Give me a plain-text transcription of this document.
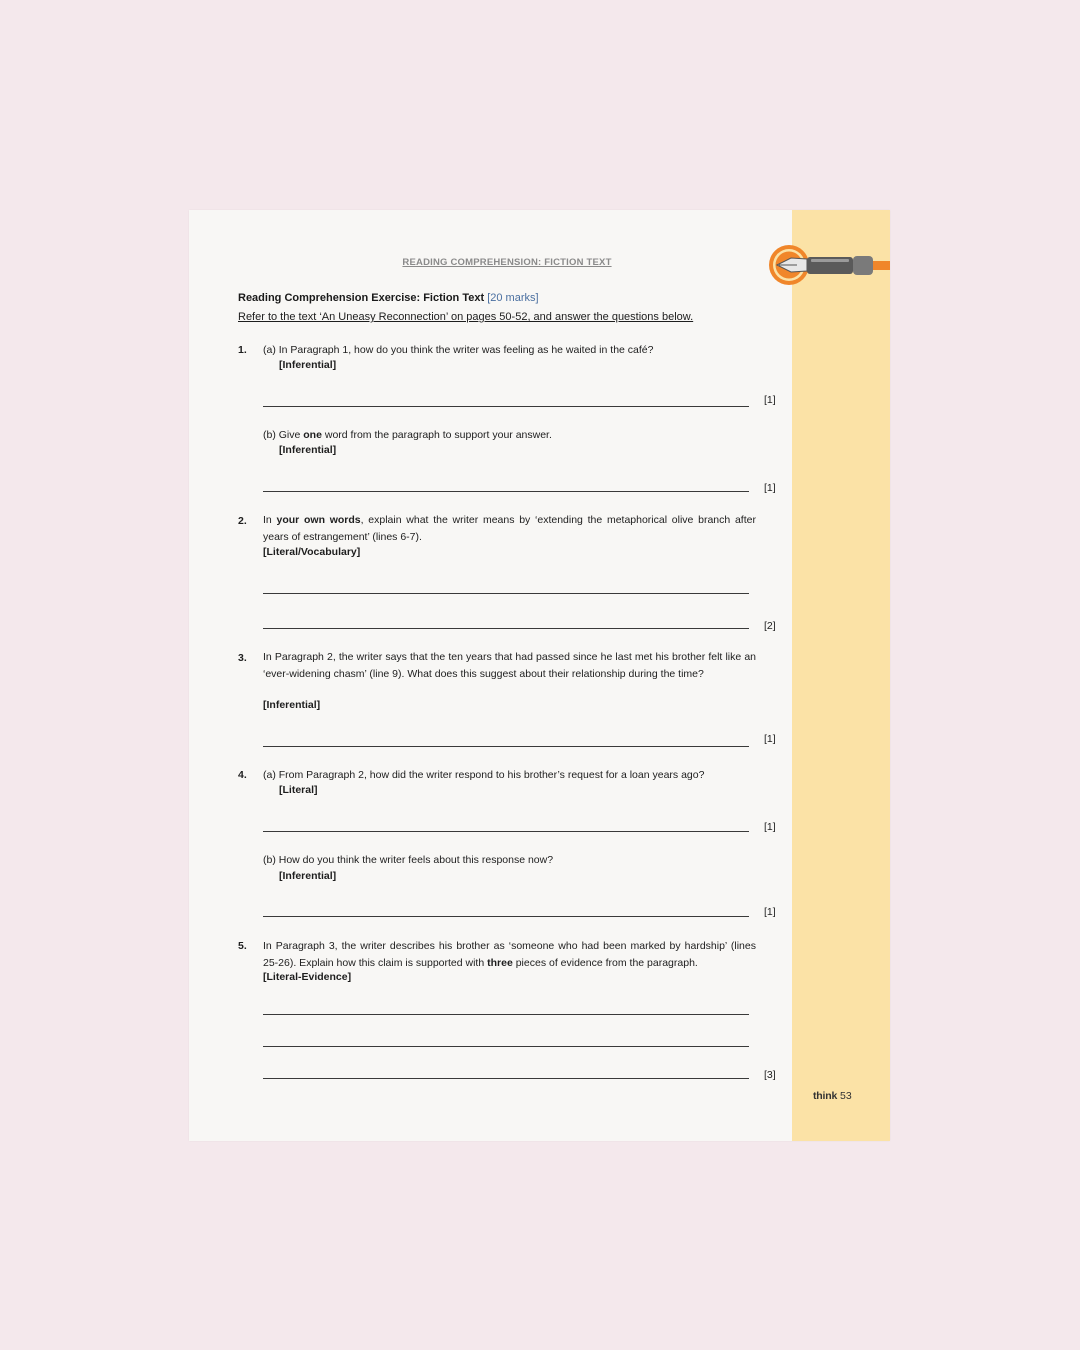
READING COMPREHENSION: FICTION TEXT
Reading Comprehension Exercise: Fiction Text [20 marks]
Refer to the text ‘An Uneasy Reconnection’ on pages 50-52, and answer the questions below.
1. (a) In Paragraph 1, how do you think the writer was feeling as he waited in the café?
[Inferential]
[1]
(b) Give one word from the paragraph to support your answer.
[Inferential]
[1]
2. In your own words, explain what the writer means by ‘extending the metaphorical olive branch after years of estrangement’ (lines 6-7).
[Literal/Vocabulary]
[2]
3. In Paragraph 2, the writer says that the ten years that had passed since he last met his brother felt like an ‘ever-widening chasm’ (line 9). What does this suggest about their relationship during the time?
[Inferential]
[1]
4. (a) From Paragraph 2, how did the writer respond to his brother’s request for a loan years ago?
[Literal]
[1]
(b) How do you think the writer feels about this response now?
[Inferential]
[1]
5. In Paragraph 3, the writer describes his brother as ‘someone who had been marked by hardship’ (lines 25-26). Explain how this claim is supported with three pieces of evidence from the paragraph.
[Literal-Evidence]
[3]
think 53
